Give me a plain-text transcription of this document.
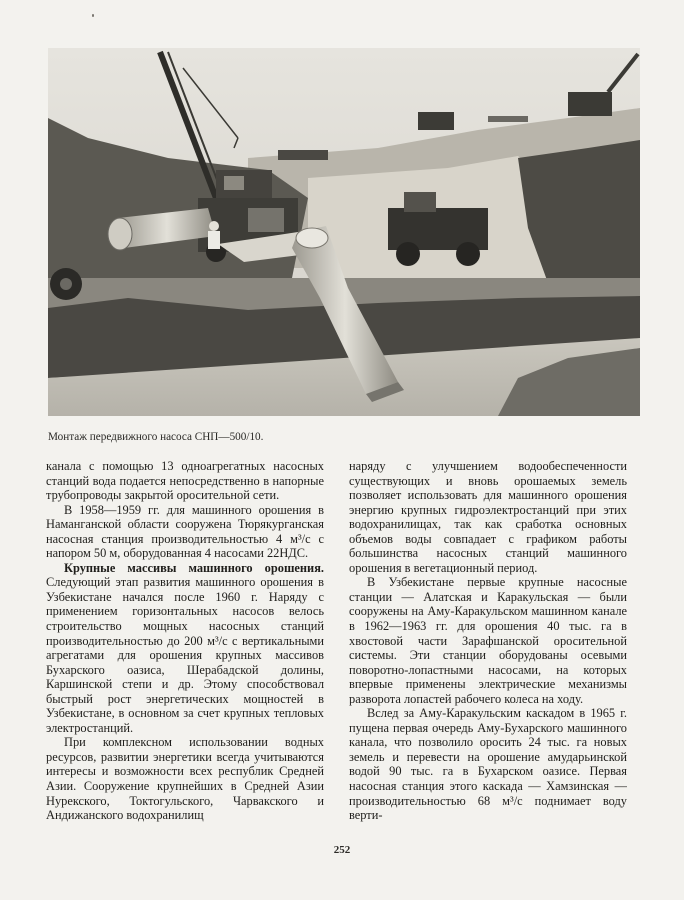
Монтаж передвижного насоса СНП—500/10.

канала с помощью 13 одноагрегатных насосных станций вода подается непосредственно в напорные трубопроводы закрытой оросительной сети.

В 1958—1959 гг. для машинного орошения в Наманганской области сооружена Тюрякурганская насосная станция производительностью 4 м³/с с напором 50 м, оборудованная 4 насосами 22НДС.

Крупные массивы машинного орошения. Следующий этап развития машинного орошения в Узбекистане начался после 1960 г. Наряду с применением горизонтальных насосов велось строительство мощных насосных станций производительностью до 200 м³/с с вертикальными агрегатами для орошения крупных массивов Бухарского оазиса, Шерабадской долины, Каршинской степи и др. Этому способствовал быстрый рост энергетических мощностей в Узбекистане, в основном за счет крупных тепловых электростанций.

При комплексном использовании водных ресурсов, развитии энергетики всегда учитываются интересы и возможности всех республик Средней Азии. Сооружение крупнейших в Средней Азии Нурекского, Токтогульского, Чарвакского и Андижанского водохранилищ

наряду с улучшением водообеспеченности существующих и вновь орошаемых земель позволяет использовать для машинного орошения энергию крупных гидроэлектростанций при этих водохранилищах, так как сработка основных объемов воды совпадает с графиком работы большинства насосных станций машинного орошения в вегетационный период.

В Узбекистане первые крупные насосные станции — Алатская и Каракульская — были сооружены на Аму-Каракульском машинном канале в 1962—1963 гг. для орошения 40 тыс. га в хвостовой части Зарафшанской оросительной системы. Эти станции оборудованы осевыми поворотно-лопастными насосами, на которых впервые применены электрические механизмы разворота лопастей рабочего колеса на ходу.

Вслед за Аму-Каракульским каскадом в 1965 г. пущена первая очередь Аму-Бухарского машинного канала, что позволило оросить 24 тыс. га новых земель и перевести на орошение амударьинской водой 90 тыс. га в Бухарском оазисе. Первая насосная станция этого каскада — Хамзинская — производительностью 68 м³/с поднимает воду верти-

252
